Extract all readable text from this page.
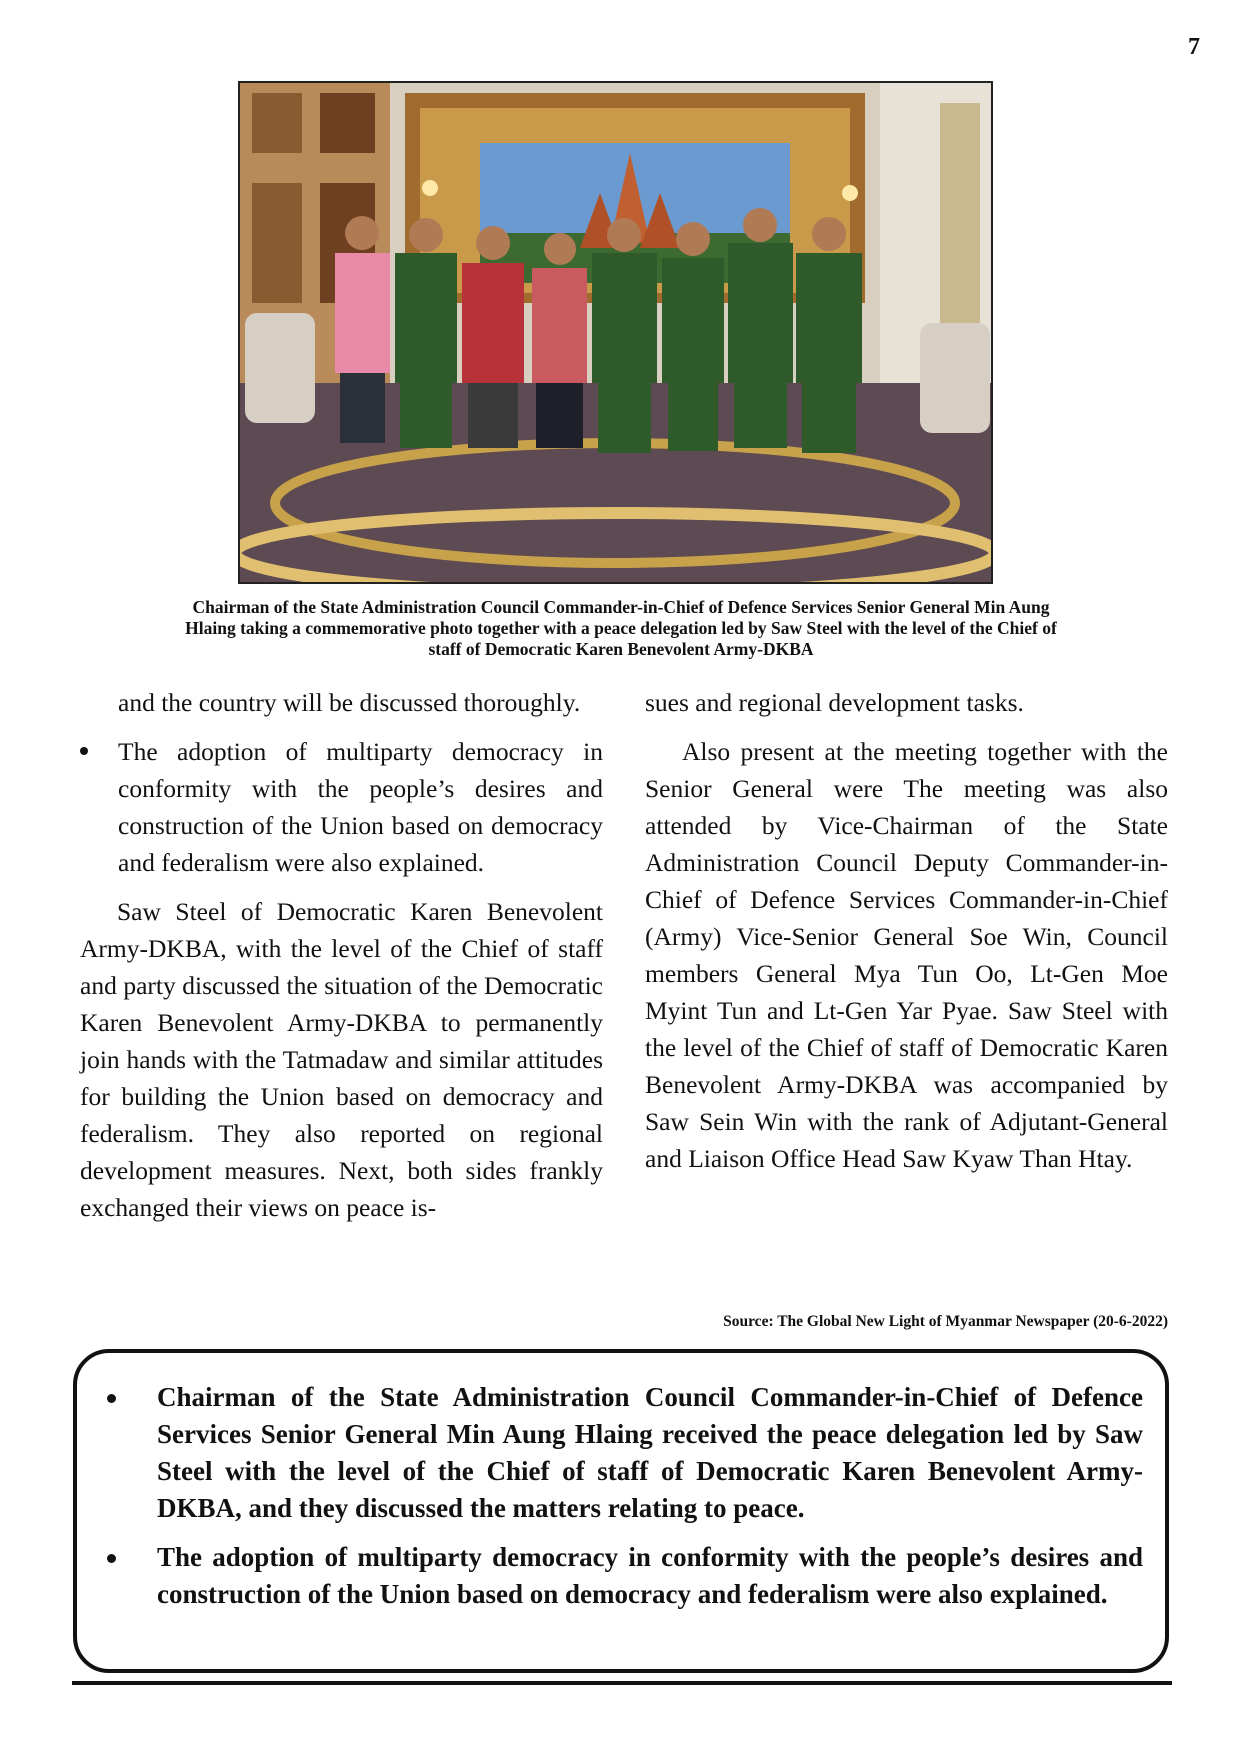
7
Chairman of the State Administration Council Commander-in-Chief of Defence Services Senior General Min Aung
Hlaing taking a commemorative photo together with a peace delegation led by Saw Steel with the level of the Chief of
staff of Democratic Karen Benevolent Army-DKBA

and the country will be discussed thoroughly.

The adoption of multiparty democracy in conformity with the people’s desires and construction of the Union based on democracy and federalism were also explained.

Saw Steel of Democratic Karen Benevolent Army-DKBA, with the level of the Chief of staff and party discussed the situation of the Democratic Karen Benevolent Army-DKBA to permanently join hands with the Tatmadaw and similar attitudes for building the Union based on democracy and federalism. They also reported on regional development measures. Next, both sides frankly exchanged their views on peace is-

sues and regional development tasks.

Also present at the meeting together with the Senior General were The meeting was also attended by Vice-Chairman of the State Administration Council Deputy Commander-in-Chief of Defence Services Commander-in-Chief (Army) Vice-Senior General Soe Win, Council members General Mya Tun Oo, Lt-Gen Moe Myint Tun and Lt-Gen Yar Pyae. Saw Steel with the level of the Chief of staff of Democratic Karen Benevolent Army-DKBA was accompanied by Saw Sein Win with the rank of Adjutant-General and Liaison Office Head Saw Kyaw Than Htay.

Source: The Global New Light of Myanmar Newspaper (20-6-2022)
Chairman of the State Administration Council Commander-in-Chief of Defence Services Senior General Min Aung Hlaing received the peace delegation led by Saw Steel with the level of the Chief of staff of Democratic Karen Benevolent Army-DKBA, and they discussed the matters relating to peace.
The adoption of multiparty democracy in conformity with the people’s desires and construction of the Union based on democracy and federalism were also explained.
